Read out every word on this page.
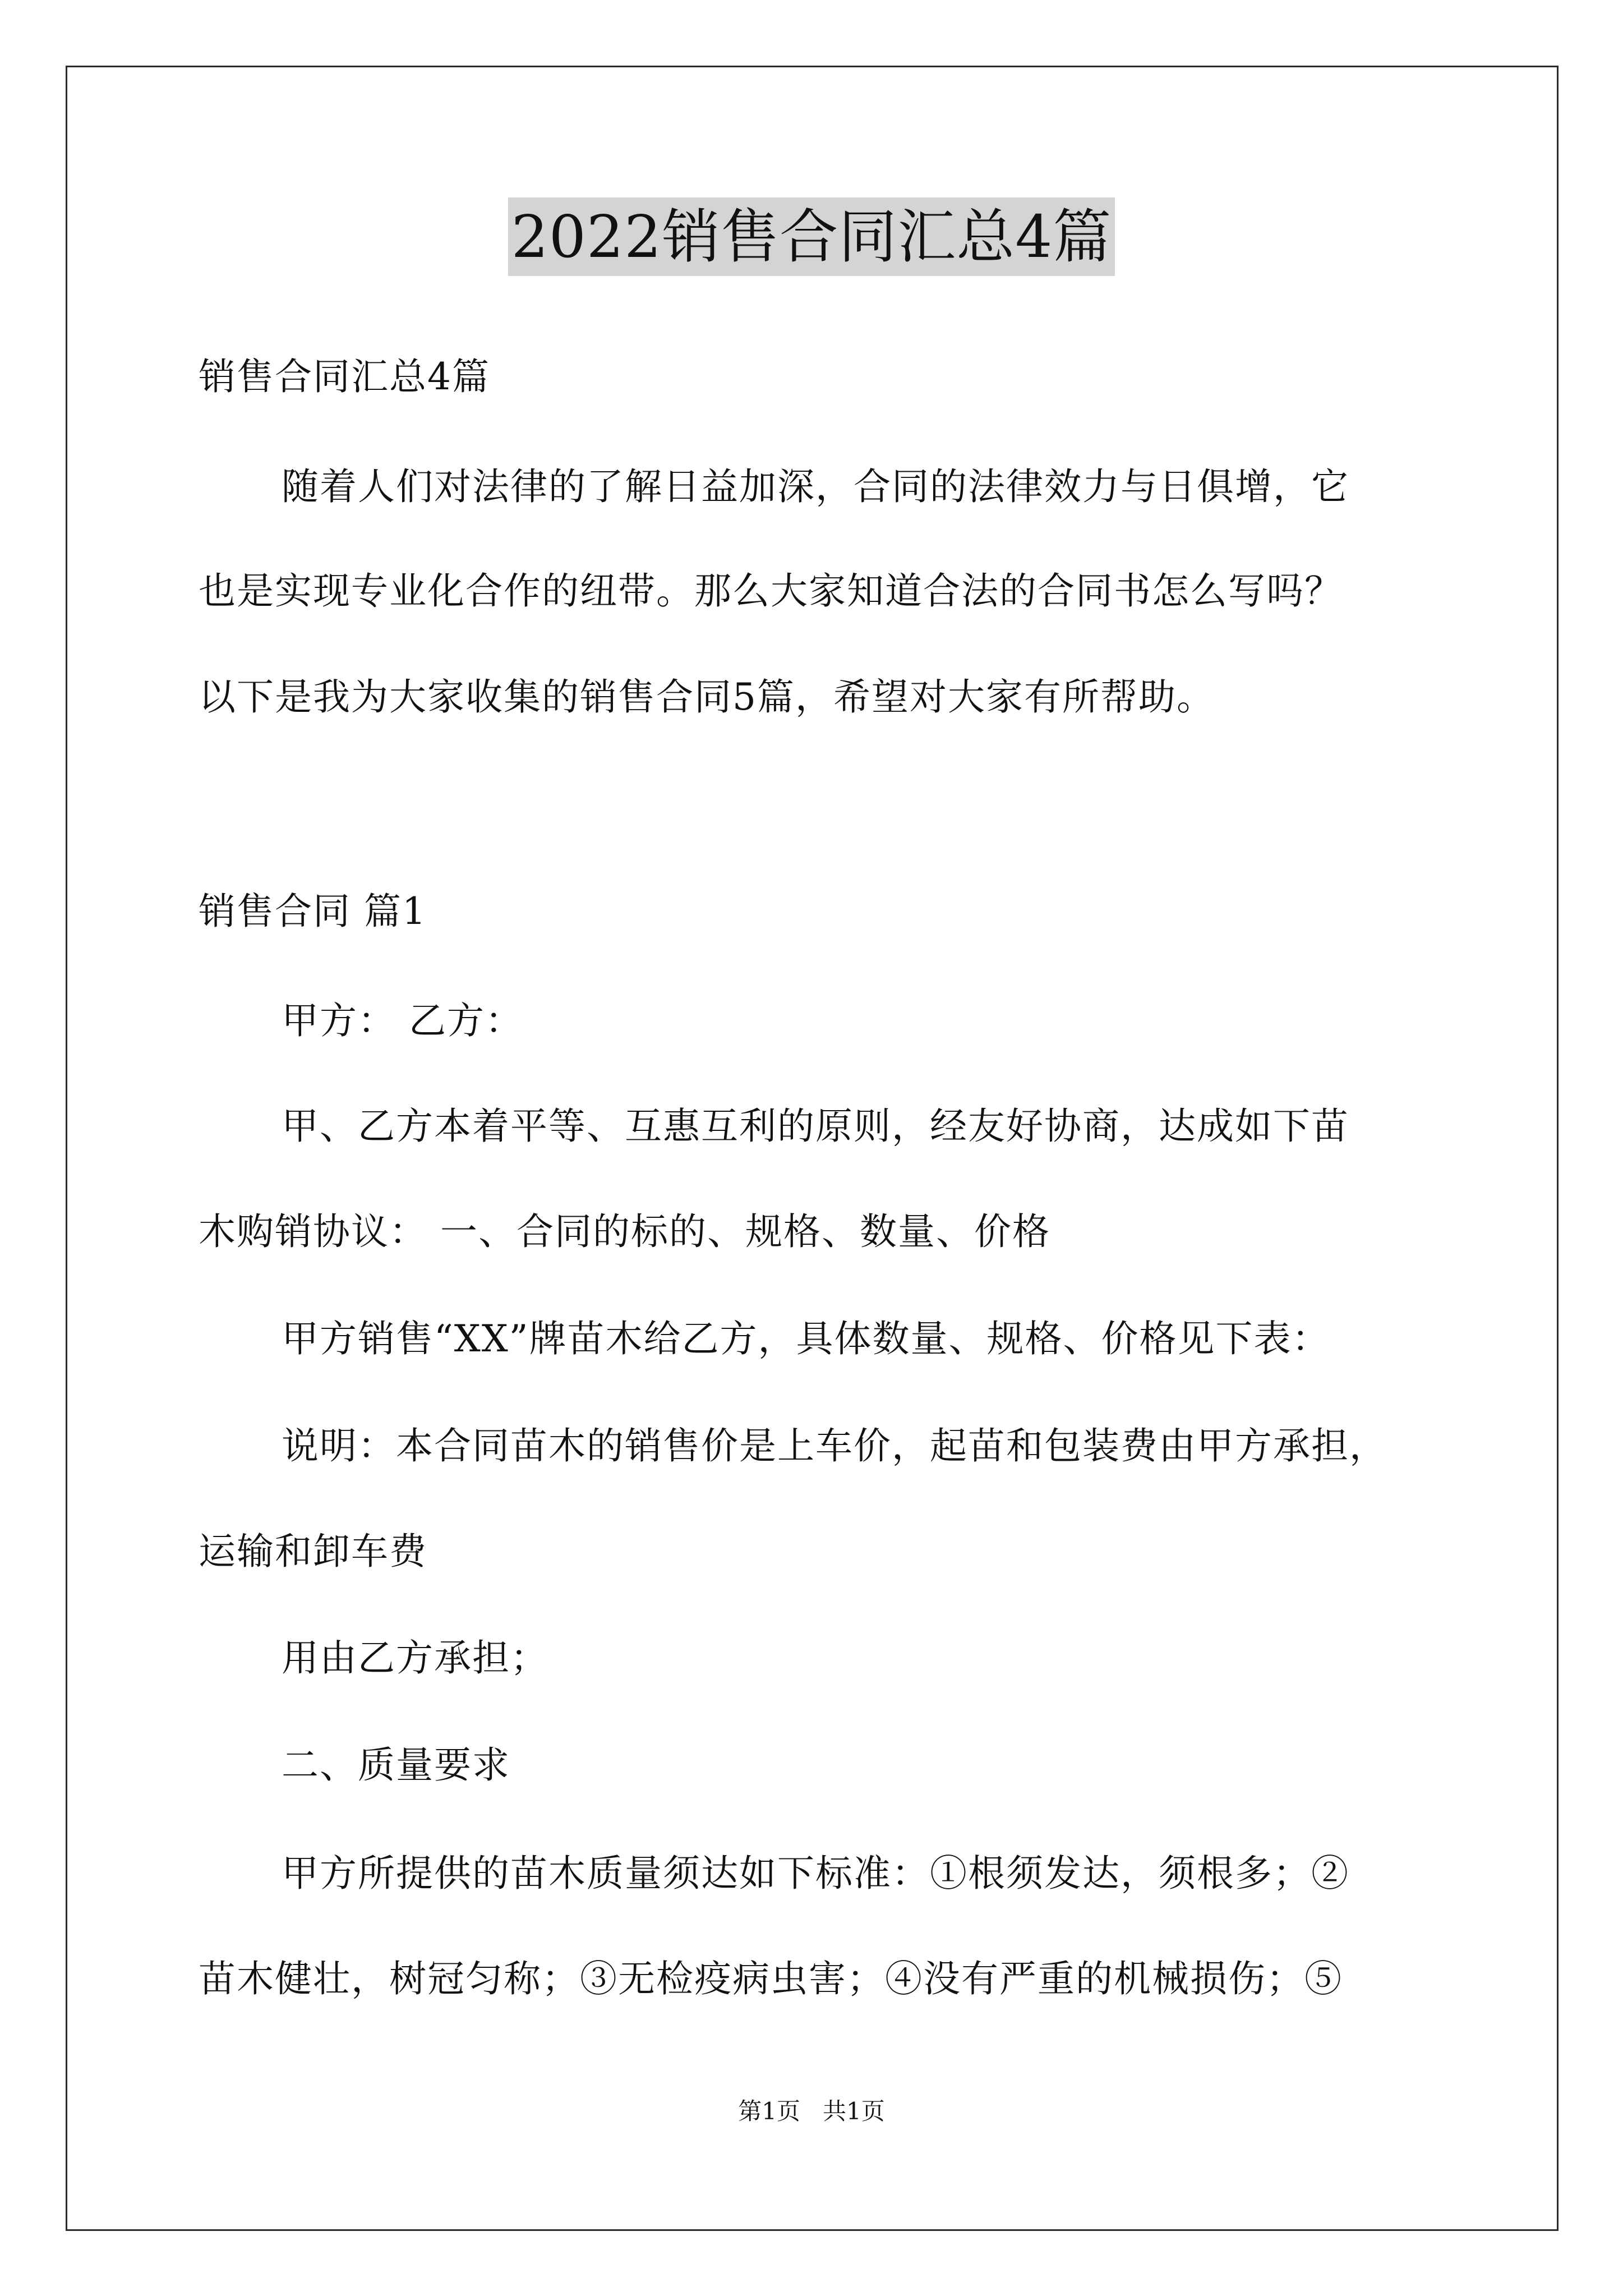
2022销售合同汇总4篇
销售合同汇总4篇
随着人们对法律的了解日益加深，合同的法律效力与日俱增，它
也是实现专业化合作的纽带。那么大家知道合法的合同书怎么写吗？
以下是我为大家收集的销售合同5篇，希望对大家有所帮助。
销售合同 篇1
甲方： 乙方：
甲、乙方本着平等、互惠互利的原则，经友好协商，达成如下苗
木购销协议： 一、合同的标的、规格、数量、价格
甲方销售“XX”牌苗木给乙方，具体数量、规格、价格见下表：
说明：本合同苗木的销售价是上车价，起苗和包装费由甲方承担，
运输和卸车费
用由乙方承担；
二、质量要求
甲方所提供的苗木质量须达如下标准：①根须发达，须根多；②
苗木健壮，树冠匀称；③无检疫病虫害；④没有严重的机械损伤；⑤
第1页   共1页
